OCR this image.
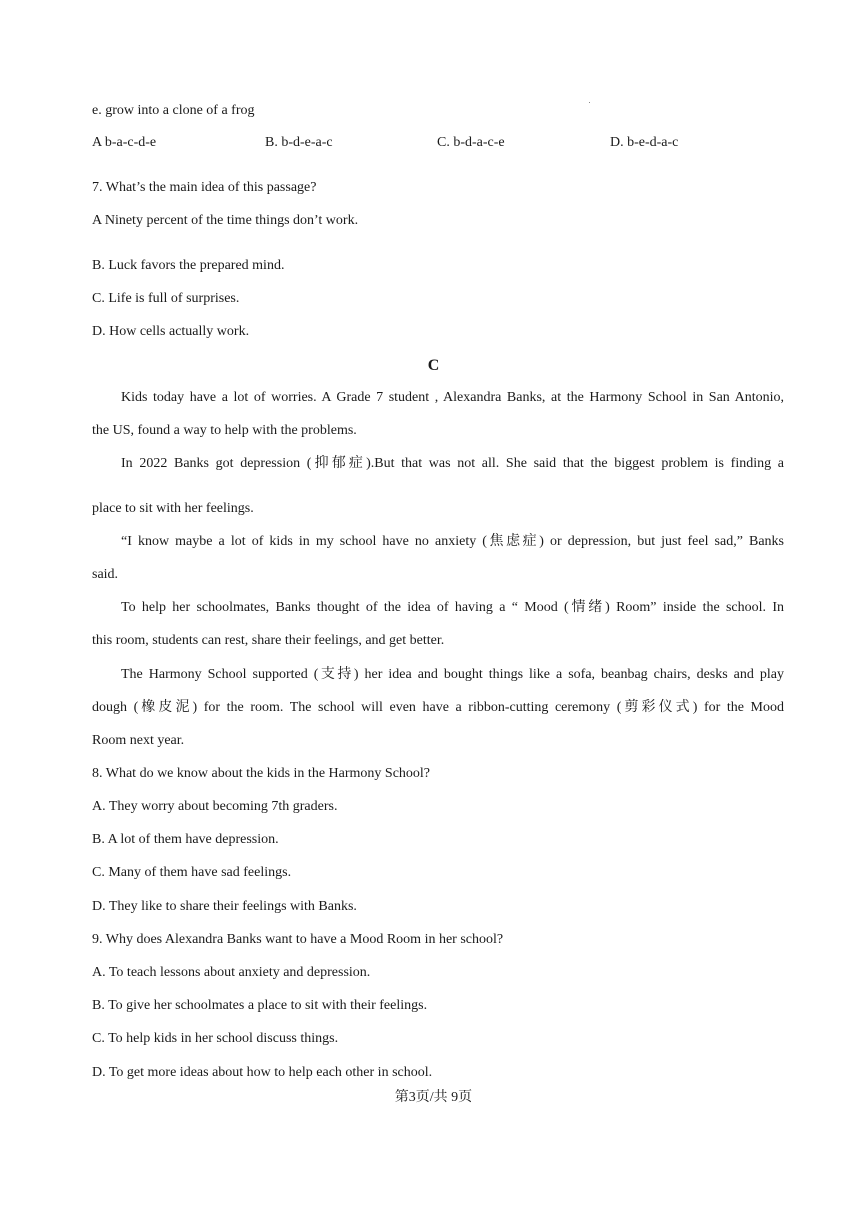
e. grow into a clone of a frog
A b-a-c-d-e	B. b-d-e-a-c	C. b-d-a-c-e	D. b-e-d-a-c
7. What’s the main idea of this passage?
A Ninety percent of the time things don’t work.
B. Luck favors the prepared mind.
C. Life is full of surprises.
D. How cells actually work.
C
Kids today have a lot of worries. A Grade 7 student , Alexandra Banks, at the Harmony School in San Antonio,
the US, found a way to help with the problems.
In 2022 Banks got depression (抑郁症).But that was not all. She said that the biggest problem is finding a
place to sit with her feelings.
“I know maybe a lot of kids in my school have no anxiety (焦虑症) or depression, but just feel sad,” Banks
said.
To help her schoolmates, Banks thought of the idea of having a “ Mood (情绪) Room” inside the school. In
this room, students can rest, share their feelings, and get better.
The Harmony School supported (支持) her idea and bought things like a sofa, beanbag chairs, desks and play
dough (橡皮泥) for the room. The school will even have a ribbon-cutting ceremony (剪彩仪式) for the Mood
Room next year.
8. What do we know about the kids in the Harmony School?
A. They worry about becoming 7th graders.
B. A lot of them have depression.
C. Many of them have sad feelings.
D. They like to share their feelings with Banks.
9. Why does Alexandra Banks want to have a Mood Room in her school?
A. To teach lessons about anxiety and depression.
B. To give her schoolmates a place to sit with their feelings.
C. To help kids in her school discuss things.
D. To get more ideas about how to help each other in school.
第3页/共 9页
